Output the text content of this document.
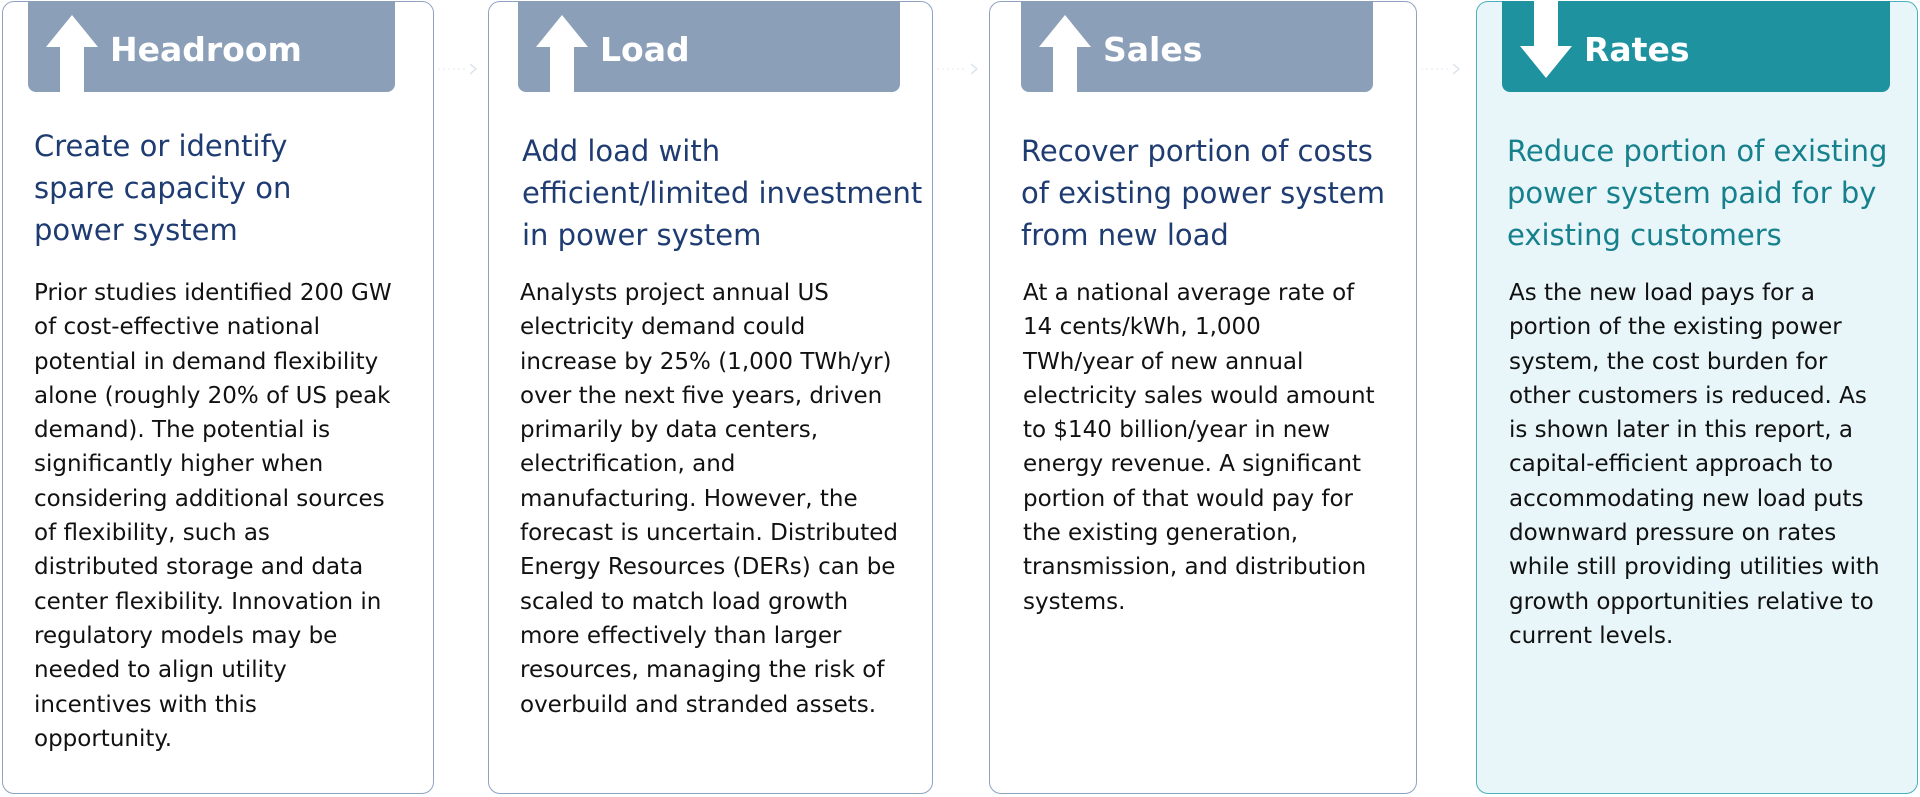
Headroom
Create or identify
spare capacity on
power system

Prior studies identified 200 GW
of cost-effective national
potential in demand flexibility
alone (roughly 20% of US peak
demand). The potential is
significantly higher when
considering additional sources
of flexibility, such as
distributed storage and data
center flexibility. Innovation in
regulatory models may be
needed to align utility
incentives with this
opportunity.

Load
Add load with
efficient/limited investment
in power system

Analysts project annual US
electricity demand could
increase by 25% (1,000 TWh/yr)
over the next five years, driven
primarily by data centers,
electrification, and
manufacturing. However, the
forecast is uncertain. Distributed
Energy Resources (DERs) can be
scaled to match load growth
more effectively than larger
resources, managing the risk of
overbuild and stranded assets.

Sales
Recover portion of costs
of existing power system
from new load

At a national average rate of
14 cents/kWh, 1,000
TWh/year of new annual
electricity sales would amount
to $140 billion/year in new
energy revenue. A significant
portion of that would pay for
the existing generation,
transmission, and distribution
systems.

Rates
Reduce portion of existing
power system paid for by
existing customers

As the new load pays for a
portion of the existing power
system, the cost burden for
other customers is reduced. As
is shown later in this report, a
capital-efficient approach to
accommodating new load puts
downward pressure on rates
while still providing utilities with
growth opportunities relative to
current levels.
